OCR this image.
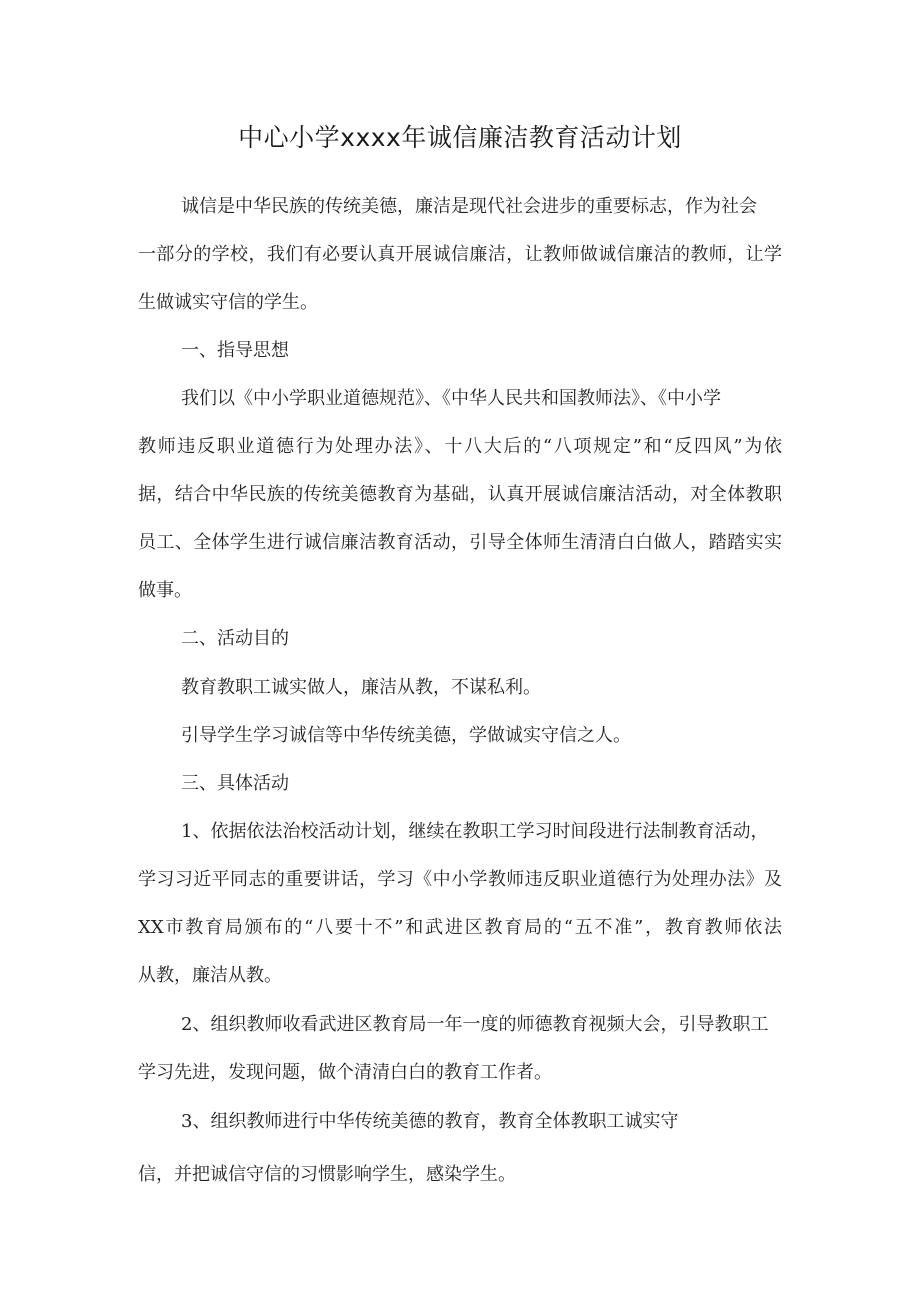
中心小学xxxx年诚信廉洁教育活动计划
诚信是中华民族的传统美德，廉洁是现代社会进步的重要标志，作为社会
一部分的学校，我们有必要认真开展诚信廉洁，让教师做诚信廉洁的教师，让学
生做诚实守信的学生。
一、指导思想
我们以《中小学职业道德规范》、《中华人民共和国教师法》、《中小学
教师违反职业道德行为处理办法》、十八大后的“八项规定”和“反四风”为依
据，结合中华民族的传统美德教育为基础，认真开展诚信廉洁活动，对全体教职
员工、全体学生进行诚信廉洁教育活动，引导全体师生清清白白做人，踏踏实实
做事。
二、活动目的
教育教职工诚实做人，廉洁从教，不谋私利。
引导学生学习诚信等中华传统美德，学做诚实守信之人。
三、具体活动
1、依据依法治校活动计划，继续在教职工学习时间段进行法制教育活动，
学习习近平同志的重要讲话，学习《中小学教师违反职业道德行为处理办法》及
XX市教育局颁布的“八要十不”和武进区教育局的“五不准”，教育教师依法
从教，廉洁从教。
2、组织教师收看武进区教育局一年一度的师德教育视频大会，引导教职工
学习先进，发现问题，做个清清白白的教育工作者。
3、组织教师进行中华传统美德的教育，教育全体教职工诚实守
信，并把诚信守信的习惯影响学生，感染学生。
